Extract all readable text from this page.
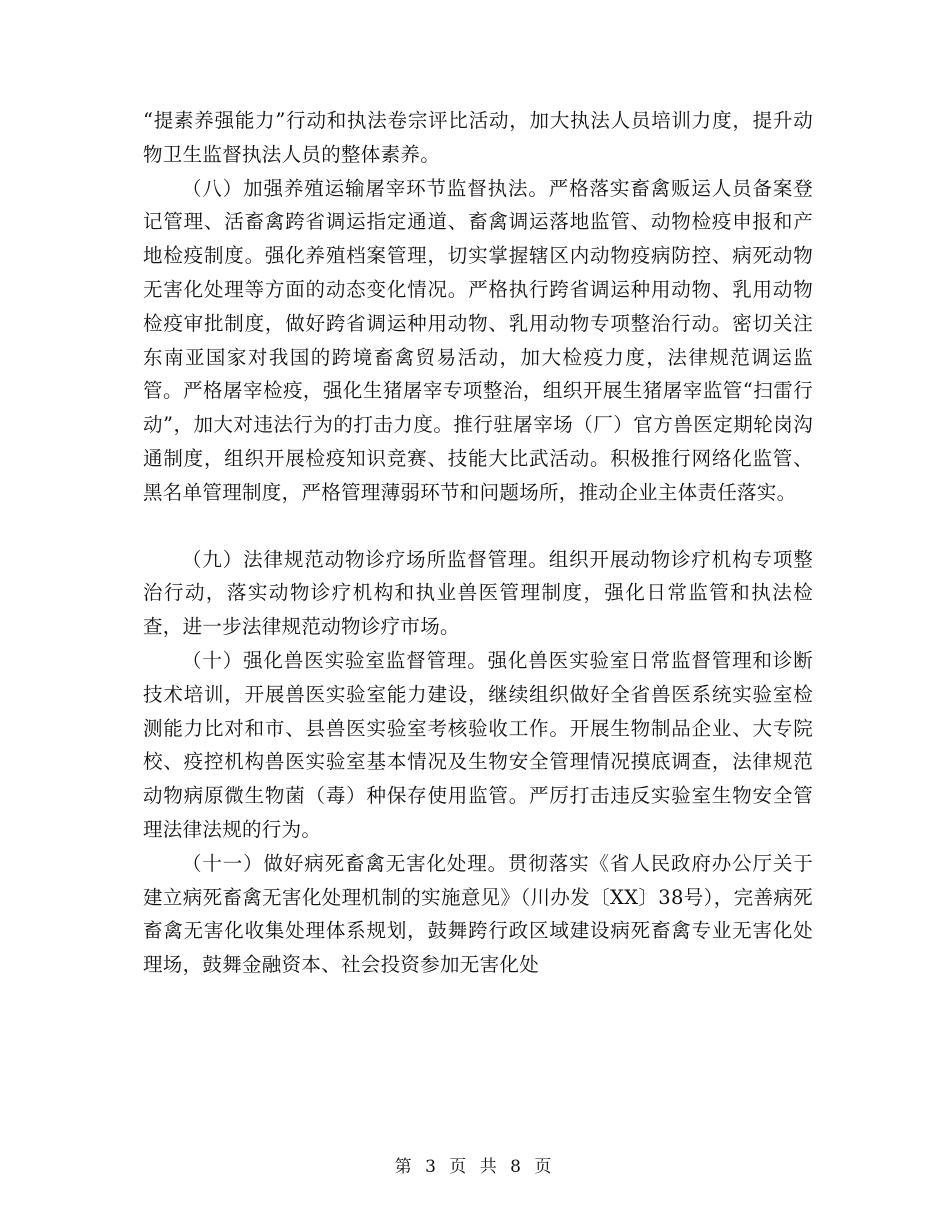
“提素养强能力”行动和执法卷宗评比活动，加大执法人员培训力度，提升动物卫生监督执法人员的整体素养。

（八）加强养殖运输屠宰环节监督执法。严格落实畜禽贩运人员备案登记管理、活畜禽跨省调运指定通道、畜禽调运落地监管、动物检疫申报和产地检疫制度。强化养殖档案管理，切实掌握辖区内动物疫病防控、病死动物无害化处理等方面的动态变化情况。严格执行跨省调运种用动物、乳用动物检疫审批制度，做好跨省调运种用动物、乳用动物专项整治行动。密切关注东南亚国家对我国的跨境畜禽贸易活动，加大检疫力度，法律规范调运监管。严格屠宰检疫，强化生猪屠宰专项整治，组织开展生猪屠宰监管“扫雷行动”，加大对违法行为的打击力度。推行驻屠宰场（厂）官方兽医定期轮岗沟通制度，组织开展检疫知识竞赛、技能大比武活动。积极推行网络化监管、黑名单管理制度，严格管理薄弱环节和问题场所，推动企业主体责任落实。

（九）法律规范动物诊疗场所监督管理。组织开展动物诊疗机构专项整治行动，落实动物诊疗机构和执业兽医管理制度，强化日常监管和执法检查，进一步法律规范动物诊疗市场。

（十）强化兽医实验室监督管理。强化兽医实验室日常监督管理和诊断技术培训，开展兽医实验室能力建设，继续组织做好全省兽医系统实验室检测能力比对和市、县兽医实验室考核验收工作。开展生物制品企业、大专院校、疫控机构兽医实验室基本情况及生物安全管理情况摸底调查，法律规范动物病原微生物菌（毒）种保存使用监管。严厉打击违反实验室生物安全管理法律法规的行为。

（十一）做好病死畜禽无害化处理。贯彻落实《省人民政府办公厅关于建立病死畜禽无害化处理机制的实施意见》（川办发〔XX〕38号），完善病死畜禽无害化收集处理体系规划，鼓舞跨行政区域建设病死畜禽专业无害化处理场，鼓舞金融资本、社会投资参加无害化处

第 3 页 共 8 页
